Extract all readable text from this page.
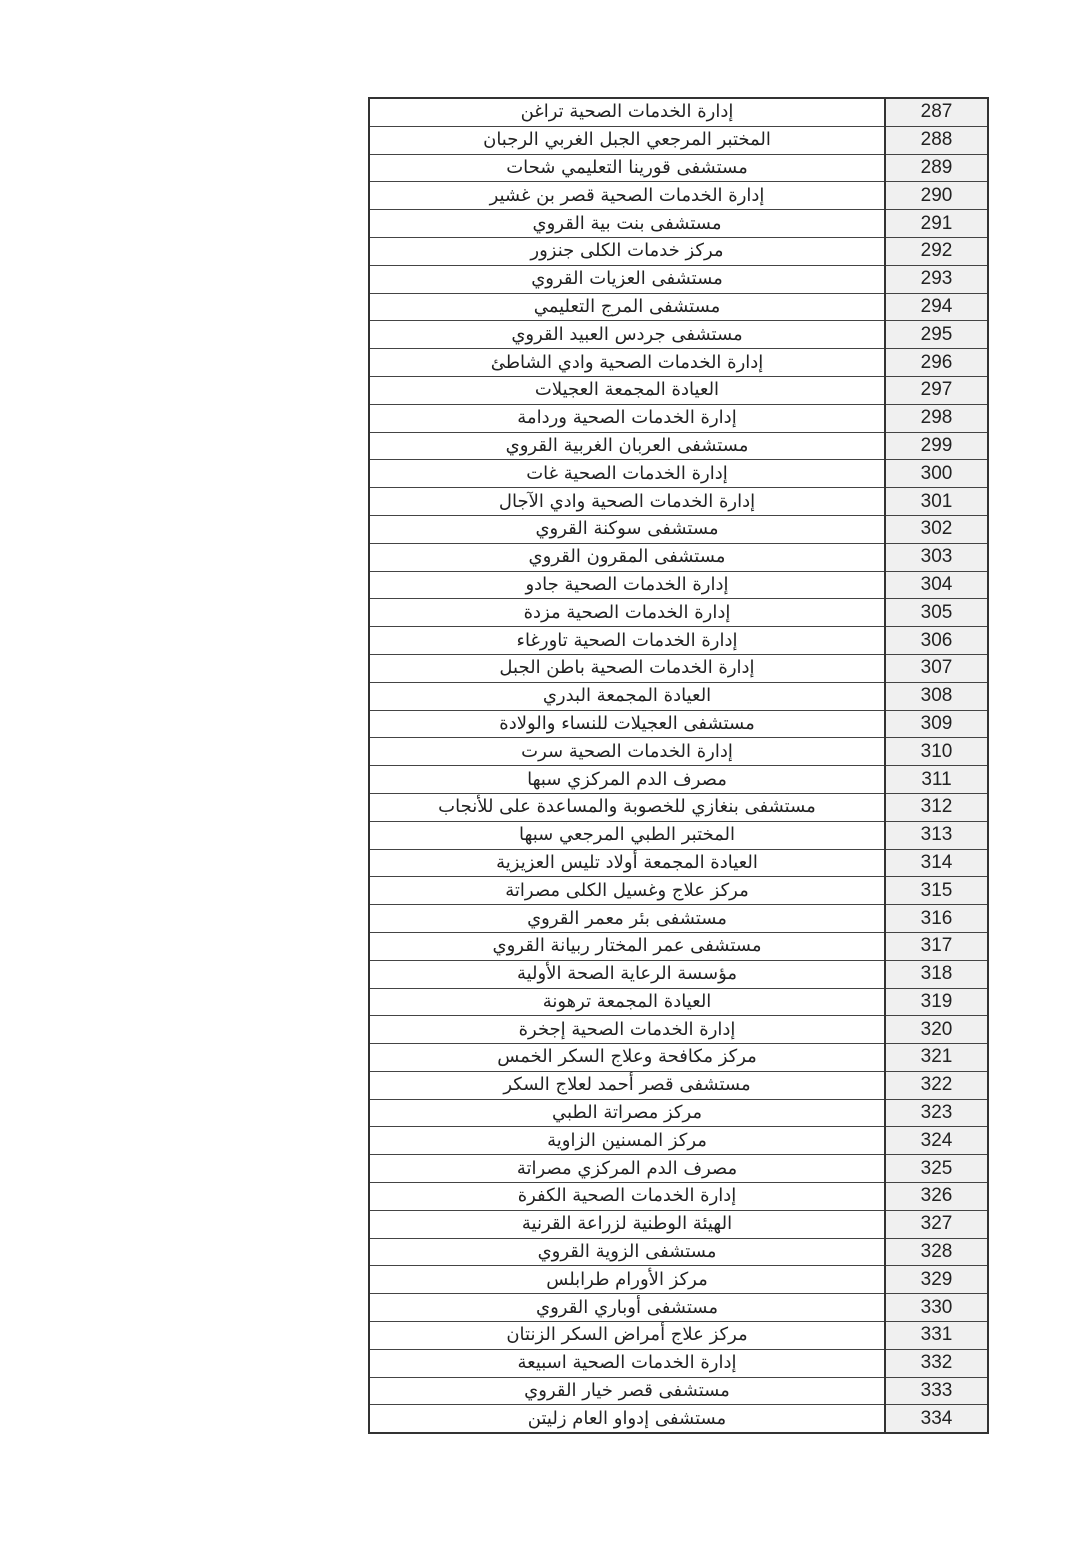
إدارة الخدمات الصحية تراغن	287
المختبر المرجعي الجبل الغربي الرجبان	288
مستشفى قورينا التعليمي شحات	289
إدارة الخدمات الصحية قصر بن غشير	290
مستشفى بنت بية القروي	291
مركز خدمات الكلى جنزور	292
مستشفى العزيات القروي	293
مستشفى المرج التعليمي	294
مستشفى جردس العبيد القروي	295
إدارة الخدمات الصحية وادي الشاطئ	296
العيادة المجمعة العجيلات	297
إدارة الخدمات الصحية وردامة	298
مستشفى العربان الغربية القروي	299
إدارة الخدمات الصحية غات	300
إدارة الخدمات الصحية وادي الآجال	301
مستشفى سوكنة القروي	302
مستشفى المقرون القروي	303
إدارة الخدمات الصحية جادو	304
إدارة الخدمات الصحية مزدة	305
إدارة الخدمات الصحية تاورغاء	306
إدارة الخدمات الصحية باطن الجبل	307
العيادة المجمعة البدري	308
مستشفى العجيلات للنساء والولادة	309
إدارة الخدمات الصحية سرت	310
مصرف الدم المركزي سبها	311
مستشفى بنغازي للخصوبة والمساعدة على للأنجاب	312
المختبر الطبي المرجعي سبها	313
العيادة المجمعة أولاد تليس العزيزية	314
مركز علاج وغسيل الكلى مصراتة	315
مستشفى بئر معمر القروي	316
مستشفى عمر المختار ربيانة القروي	317
مؤسسة الرعاية الصحة الأولية	318
العيادة المجمعة ترهونة	319
إدارة الخدمات الصحية إجخرة	320
مركز مكافحة وعلاج السكر الخمس	321
مستشفى قصر أحمد لعلاج السكر	322
مركز مصراتة الطبي	323
مركز المسنين الزاوية	324
مصرف الدم المركزي مصراتة	325
إدارة الخدمات الصحية الكفرة	326
الهيئة الوطنية لزراعة القرنية	327
مستشفى الزوية القروي	328
مركز الأورام طرابلس	329
مستشفى أوباري القروي	330
مركز علاج أمراض السكر الزنتان	331
إدارة الخدمات الصحية اسبيعة	332
مستشفى قصر خيار القروي	333
مستشفى إدواو العام زليتن	334
